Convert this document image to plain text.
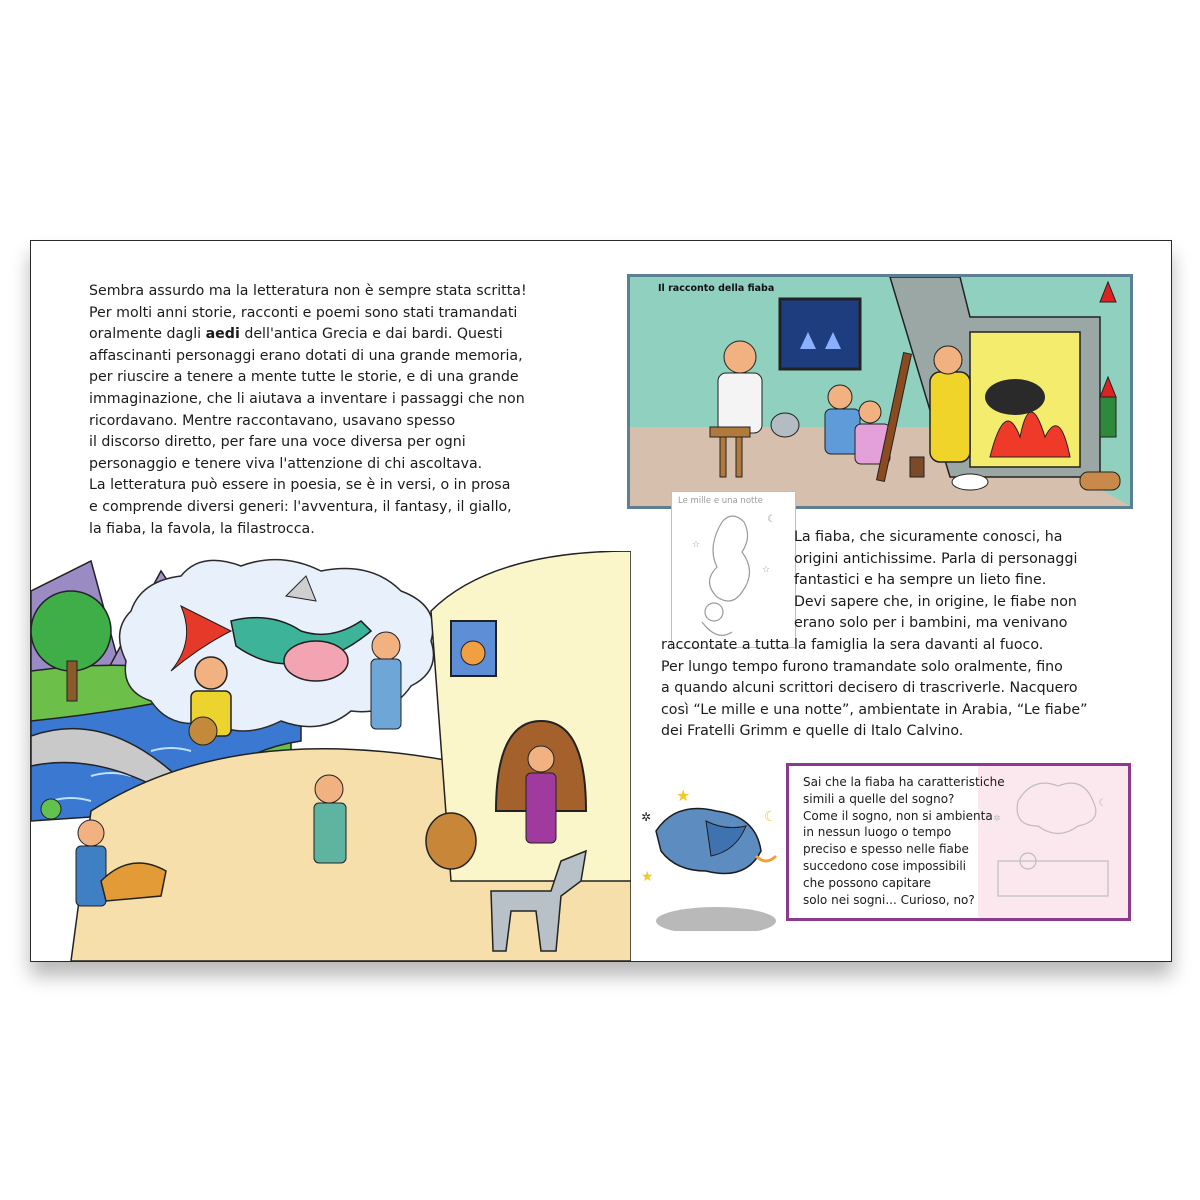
Sembra assurdo ma la letteratura non è sempre stata scritta!
Per molti anni storie, racconti e poemi sono stati tramandati
oralmente dagli aedi dell'antica Grecia e dai bardi. Questi
affascinanti personaggi erano dotati di una grande memoria,
per riuscire a tenere a mente tutte le storie, e di una grande
immaginazione, che li aiutava a inventare i passaggi che non
ricordavano. Mentre raccontavano, usavano spesso
il discorso diretto, per fare una voce diversa per ogni
personaggio e tenere viva l'attenzione di chi ascoltava.
La letteratura può essere in poesia, se è in versi, o in prosa
e comprende diversi generi: l'avventura, il fantasy, il giallo,
la fiaba, la favola, la filastrocca.

Il racconto della fiaba
Le mille e una notte
☾
☆
☆

La fiaba, che sicuramente conosci, ha
origini antichissime. Parla di personaggi
fantastici e ha sempre un lieto fine.
Devi sapere che, in origine, le fiabe non
erano solo per i bambini, ma venivano
raccontate a tutta la famiglia la sera davanti al fuoco.
Per lungo tempo furono tramandate solo oralmente, fino
a quando alcuni scrittori decisero di trascriverle. Nacquero
così “Le mille e una notte”, ambientate in Arabia, “Le fiabe”
dei Fratelli Grimm e quelle di Italo Calvino.

★
✲	☾
★
☾
✲
Sai che la fiaba ha caratteristiche
simili a quelle del sogno?
Come il sogno, non si ambienta
in nessun luogo o tempo
preciso e spesso nelle fiabe
succedono cose impossibili
che possono capitare
solo nei sogni... Curioso, no?
